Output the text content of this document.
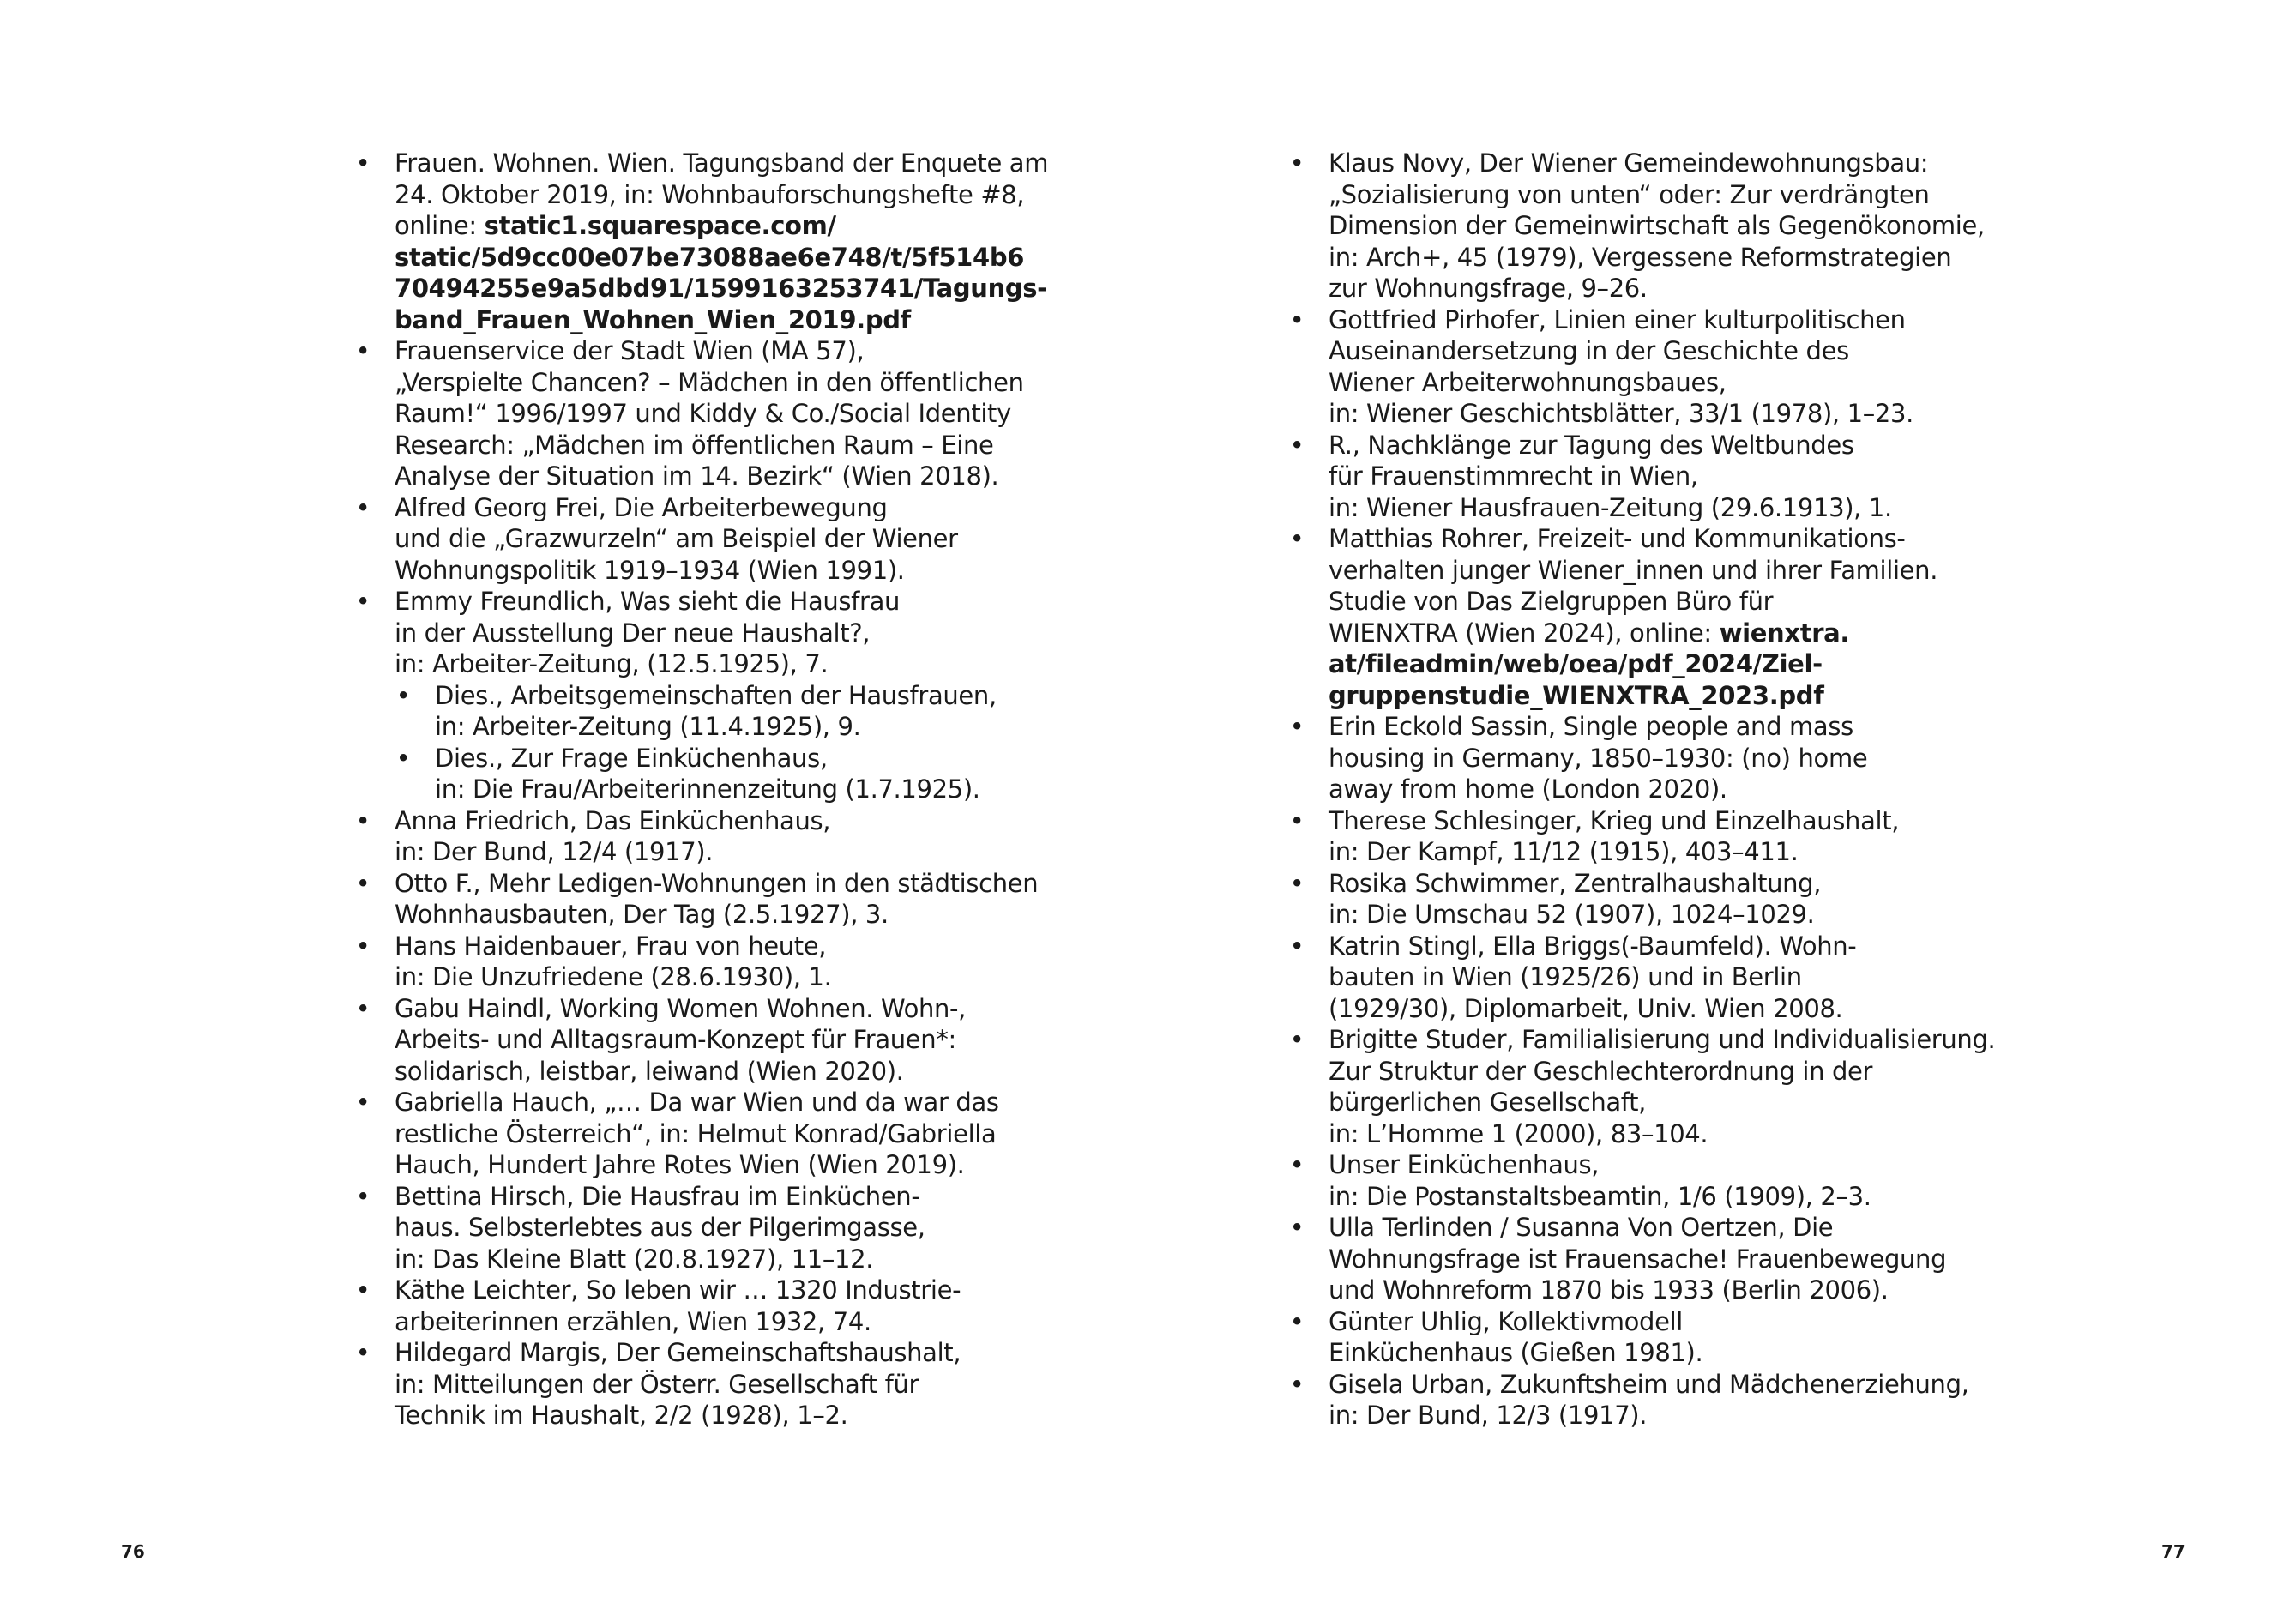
• Frauen. Wohnen. Wien. Tagungsband der Enquete am
24. Oktober 2019, in: Wohnbauforschungshefte #8,
online: static1.squarespace.com/
static/5d9cc00e07be73088ae6e748/t/5f514b6
70494255e9a5dbd91/1599163253741/Tagungs-
band_Frauen_Wohnen_Wien_2019.pdf
• Frauenservice der Stadt Wien (MA 57),
„Verspielte Chancen? – Mädchen in den öffentlichen
Raum!“ 1996/1997 und Kiddy & Co./Social Identity
Research: „Mädchen im öffentlichen Raum – Eine
Analyse der Situation im 14. Bezirk“ (Wien 2018).
• Alfred Georg Frei, Die Arbeiterbewegung
und die „Grazwurzeln“ am Beispiel der Wiener
Wohnungspolitik 1919–1934 (Wien 1991).
• Emmy Freundlich, Was sieht die Hausfrau
in der Ausstellung Der neue Haushalt?,
in: Arbeiter-Zeitung, (12.5.1925), 7.
• Dies., Arbeitsgemeinschaften der Hausfrauen,
in: Arbeiter-Zeitung (11.4.1925), 9.
• Dies., Zur Frage Einküchenhaus,
in: Die Frau/Arbeiterinnenzeitung (1.7.1925).
• Anna Friedrich, Das Einküchenhaus,
in: Der Bund, 12/4 (1917).
• Otto F., Mehr Ledigen-Wohnungen in den städtischen
Wohnhausbauten, Der Tag (2.5.1927), 3.
• Hans Haidenbauer, Frau von heute,
in: Die Unzufriedene (28.6.1930), 1.
• Gabu Haindl, Working Women Wohnen. Wohn-,
Arbeits- und Alltagsraum-Konzept für Frauen*:
solidarisch, leistbar, leiwand (Wien 2020).
• Gabriella Hauch, „… Da war Wien und da war das
restliche Österreich“, in: Helmut Konrad/Gabriella
Hauch, Hundert Jahre Rotes Wien (Wien 2019).
• Bettina Hirsch, Die Hausfrau im Einküchen-
haus. Selbsterlebtes aus der Pilgerimgasse,
in: Das Kleine Blatt (20.8.1927), 11–12.
• Käthe Leichter, So leben wir … 1320 Industrie-
arbeiterinnen erzählen, Wien 1932, 74.
• Hildegard Margis, Der Gemeinschaftshaushalt,
in: Mitteilungen der Österr. Gesellschaft für
Technik im Haushalt, 2/2 (1928), 1–2.
76
• Klaus Novy, Der Wiener Gemeindewohnungsbau:
„Sozialisierung von unten“ oder: Zur verdrängten
Dimension der Gemeinwirtschaft als Gegenökonomie,
in: Arch+, 45 (1979), Vergessene Reformstrategien
zur Wohnungsfrage, 9–26.
• Gottfried Pirhofer, Linien einer kulturpolitischen
Auseinandersetzung in der Geschichte des
Wiener Arbeiterwohnungsbaues,
in: Wiener Geschichtsblätter, 33/1 (1978), 1–23.
• R., Nachklänge zur Tagung des Weltbundes
für Frauenstimmrecht in Wien,
in: Wiener Hausfrauen-Zeitung (29.6.1913), 1.
• Matthias Rohrer, Freizeit- und Kommunikations-
verhalten junger Wiener_innen und ihrer Familien.
Studie von Das Zielgruppen Büro für
WIENXTRA (Wien 2024), online: wienxtra.
at/fileadmin/web/oea/pdf_2024/Ziel-
gruppenstudie_WIENXTRA_2023.pdf
• Erin Eckold Sassin, Single people and mass
housing in Germany, 1850–1930: (no) home
away from home (London 2020).
• Therese Schlesinger, Krieg und Einzelhaushalt,
in: Der Kampf, 11/12 (1915), 403–411.
• Rosika Schwimmer, Zentralhaushaltung,
in: Die Umschau 52 (1907), 1024–1029.
• Katrin Stingl, Ella Briggs(-Baumfeld). Wohn-
bauten in Wien (1925/26) und in Berlin
(1929/30), Diplomarbeit, Univ. Wien 2008.
• Brigitte Studer, Familialisierung und Individualisierung.
Zur Struktur der Geschlechterordnung in der
bürgerlichen Gesellschaft,
in: L’Homme 1 (2000), 83–104.
• Unser Einküchenhaus,
in: Die Postanstaltsbeamtin, 1/6 (1909), 2–3.
• Ulla Terlinden / Susanna Von Oertzen, Die
Wohnungsfrage ist Frauensache! Frauenbewegung
und Wohnreform 1870 bis 1933 (Berlin 2006).
• Günter Uhlig, Kollektivmodell
Einküchenhaus (Gießen 1981).
• Gisela Urban, Zukunftsheim und Mädchenerziehung,
in: Der Bund, 12/3 (1917).
77
